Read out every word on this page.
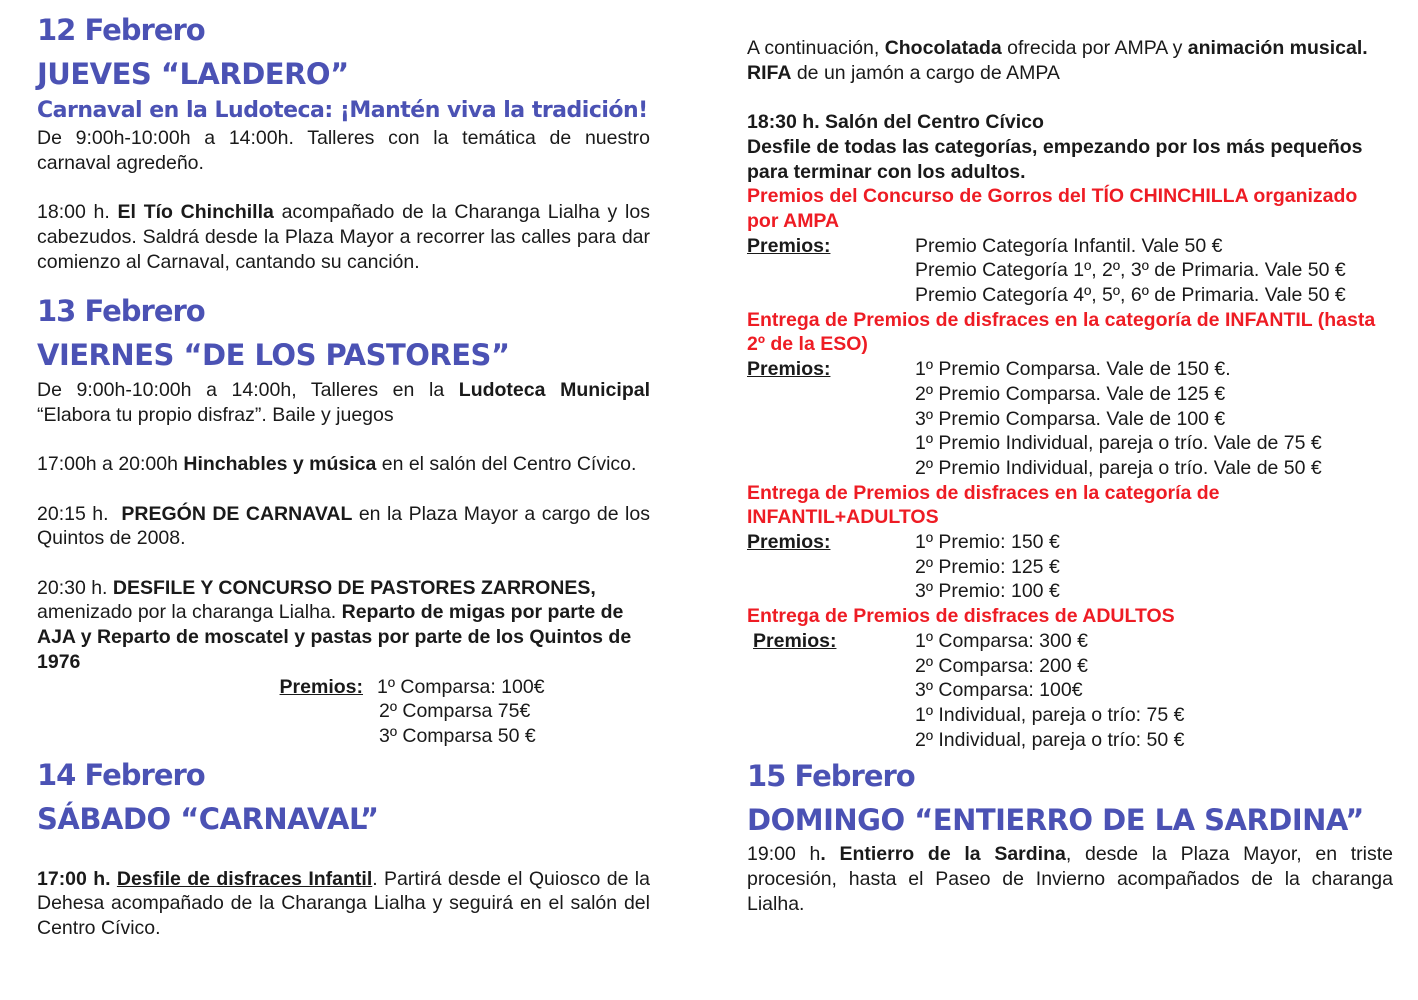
12 Febrero
JUEVES “LARDERO”
Carnaval en la Ludoteca: ¡Mantén viva la tradición!

De 9:00h-10:00h a 14:00h. Talleres con la temática de nuestro carnaval agredeño.

18:00 h. El Tío Chinchilla acompañado de la Charanga Lialha y los cabezudos. Saldrá desde la Plaza Mayor a recorrer las calles para dar comienzo al Carnaval, cantando su canción.

13 Febrero
VIERNES “DE LOS PASTORES”

De 9:00h-10:00h a 14:00h, Talleres en la Ludoteca Municipal “Elabora tu propio disfraz”. Baile y juegos

17:00h a 20:00h Hinchables y música en el salón del Centro Cívico.

20:15 h.  PREGÓN DE CARNAVAL en la Plaza Mayor a cargo de los Quintos de 2008.

20:30 h. DESFILE Y CONCURSO DE PASTORES ZARRONES, amenizado por la charanga Lialha. Reparto de migas por parte de AJA y Reparto de moscatel y pastas por parte de los Quintos de 1976

Premios: 1º Comparsa: 100€
2º Comparsa 75€
3º Comparsa 50 €
14 Febrero
SÁBADO “CARNAVAL”

17:00 h. Desfile de disfraces Infantil. Partirá desde el Quiosco de la Dehesa acompañado de la Charanga Lialha y seguirá en el salón del Centro Cívico.

A continuación, Chocolatada ofrecida por AMPA y animación musical. RIFA de un jamón a cargo de AMPA

18:30 h. Salón del Centro Cívico

Desfile de todas las categorías, empezando por los más pequeños para terminar con los adultos.

Premios del Concurso de Gorros del TÍO CHINCHILLA organizado por AMPA

Premios:	Premio Categoría Infantil. Vale 50 €
Premio Categoría 1º, 2º, 3º de Primaria. Vale 50 €
Premio Categoría 4º, 5º, 6º de Primaria. Vale 50 €

Entrega de Premios de disfraces en la categoría de INFANTIL (hasta 2º de la ESO)

Premios:	1º Premio Comparsa. Vale de 150 €.
2º Premio Comparsa. Vale de 125 €
3º Premio Comparsa. Vale de 100 €
1º Premio Individual, pareja o trío. Vale de 75 €
2º Premio Individual, pareja o trío. Vale de 50 €

Entrega de Premios de disfraces en la categoría de INFANTIL+ADULTOS

Premios:	1º Premio: 150 €
2º Premio: 125 €
3º Premio: 100 €

Entrega de Premios de disfraces de ADULTOS

Premios:	1º Comparsa: 300 €
2º Comparsa: 200 €
3º Comparsa: 100€
1º Individual, pareja o trío: 75 €
2º Individual, pareja o trío: 50 €
15 Febrero
DOMINGO “ENTIERRO DE LA SARDINA”

19:00 h. Entierro de la Sardina, desde la Plaza Mayor, en triste procesión, hasta el Paseo de Invierno acompañados de la charanga Lialha.
